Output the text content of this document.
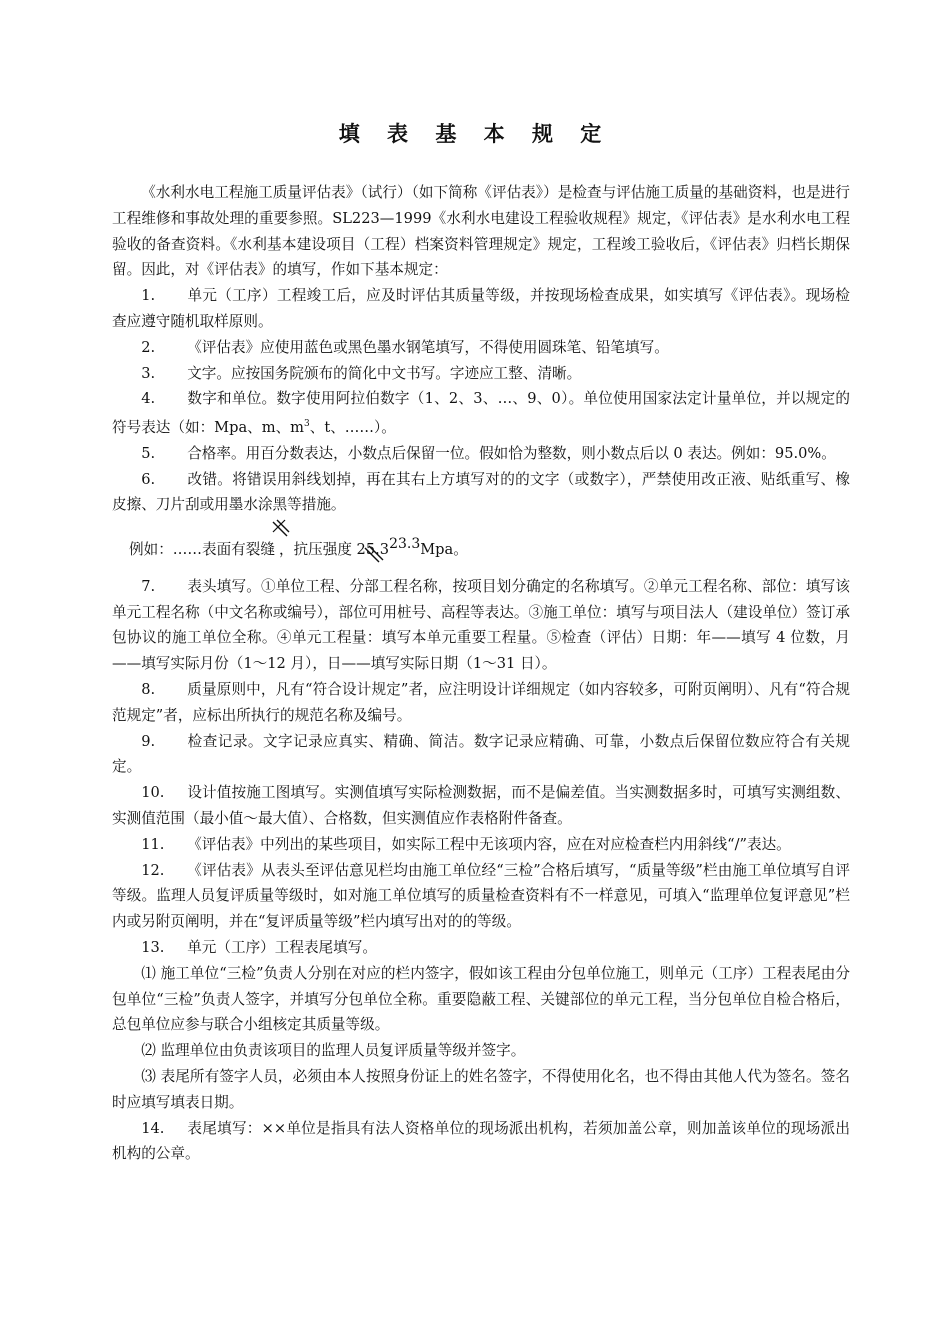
填 表 基 本 规 定

《水利水电工程施工质量评估表》（试行）（如下简称《评估表》）是检查与评估施工质量的基础资料，也是进行工程维修和事故处理的重要参照。SL223—1999《水利水电建设工程验收规程》规定，《评估表》是水利水电工程验收的备查资料。《水利基本建设项目（工程）档案资料管理规定》规定，工程竣工验收后，《评估表》归档长期保留。因此，对《评估表》的填写，作如下基本规定：

1. 单元（工序）工程竣工后，应及时评估其质量等级，并按现场检查成果，如实填写《评估表》。现场检查应遵守随机取样原则。

2. 《评估表》应使用蓝色或黑色墨水钢笔填写，不得使用圆珠笔、铅笔填写。

3. 文字。应按国务院颁布的简化中文书写。字迹应工整、清晰。

4. 数字和单位。数字使用阿拉伯数字（1、2、3、…、9、0）。单位使用国家法定计量单位，并以规定的符号表达（如：Mpa、m、$m^3$、t、……）。

5. 合格率。用百分数表达，小数点后保留一位。假如恰为整数，则小数点后以 0 表达。例如：95.0%。

6. 改错。将错误用斜线划掉，再在其右上方填写对的的文字（或数字），严禁使用改正液、贴纸重写、橡皮擦、刀片刮或用墨水涂黑等措施。

例如：……表面有裂缝 ，抗压强度 25.3
23.3Mpa。

7. 表头填写。①单位工程、分部工程名称，按项目划分确定的名称填写。②单元工程名称、部位：填写该单元工程名称（中文名称或编号），部位可用桩号、高程等表达。③施工单位：填写与项目法人（建设单位）签订承包协议的施工单位全称。④单元工程量：填写本单元重要工程量。⑤检查（评估）日期：年——填写 4 位数，月——填写实际月份（1～12 月），日——填写实际日期（1～31 日）。

8. 质量原则中，凡有“符合设计规定”者，应注明设计详细规定（如内容较多，可附页阐明）、凡有“符合规范规定”者，应标出所执行的规范名称及编号。

9. 检查记录。文字记录应真实、精确、简洁。数字记录应精确、可靠，小数点后保留位数应符合有关规定。

10. 设计值按施工图填写。实测值填写实际检测数据，而不是偏差值。当实测数据多时，可填写实测组数、实测值范围（最小值～最大值）、合格数，但实测值应作表格附件备查。

11. 《评估表》中列出的某些项目，如实际工程中无该项内容，应在对应检查栏内用斜线“/”表达。

12. 《评估表》从表头至评估意见栏均由施工单位经“三检”合格后填写，“质量等级”栏由施工单位填写自评等级。监理人员复评质量等级时，如对施工单位填写的质量检查资料有不一样意见，可填入“监理单位复评意见”栏内或另附页阐明，并在“复评质量等级”栏内填写出对的的等级。

13. 单元（工序）工程表尾填写。

⑴ 施工单位“三检”负责人分别在对应的栏内签字，假如该工程由分包单位施工，则单元（工序）工程表尾由分包单位“三检”负责人签字，并填写分包单位全称。重要隐蔽工程、关键部位的单元工程，当分包单位自检合格后，总包单位应参与联合小组核定其质量等级。

⑵ 监理单位由负责该项目的监理人员复评质量等级并签字。

⑶ 表尾所有签字人员，必须由本人按照身份证上的姓名签字，不得使用化名，也不得由其他人代为签名。签名时应填写填表日期。

14. 表尾填写：××单位是指具有法人资格单位的现场派出机构，若须加盖公章，则加盖该单位的现场派出机构的公章。
